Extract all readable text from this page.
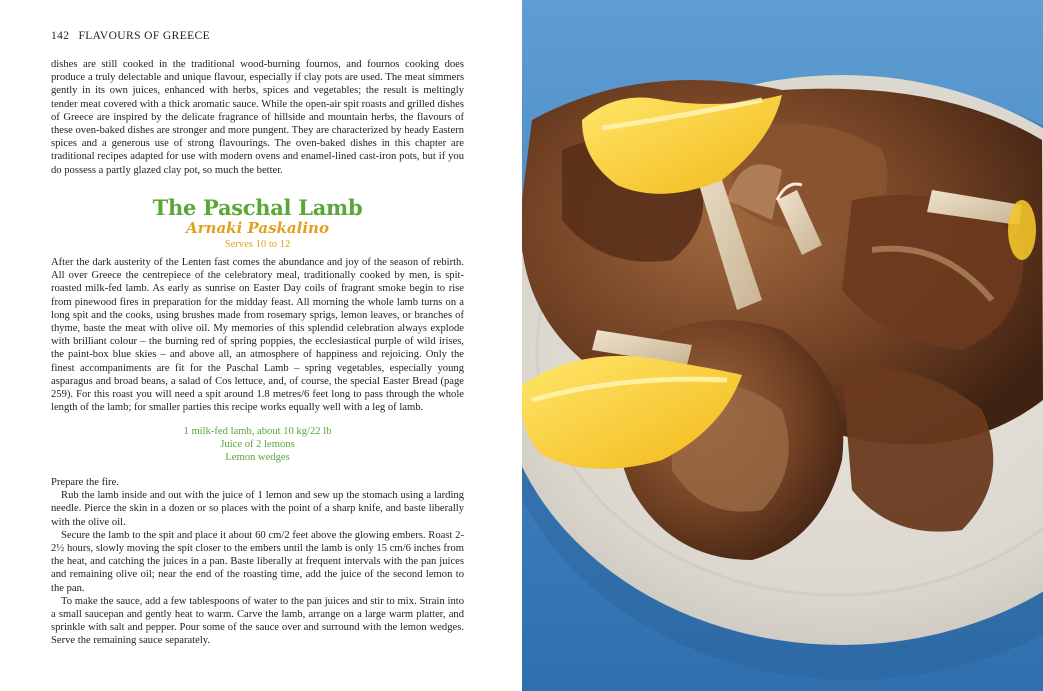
142 FLAVOURS OF GREECE

dishes are still cooked in the traditional wood-burning fournos, and fournos cooking does produce a truly delectable and unique flavour, especially if clay pots are used. The meat simmers gently in its own juices, enhanced with herbs, spices and vegetables; the result is meltingly tender meat covered with a thick aromatic sauce. While the open-air spit roasts and grilled dishes of Greece are inspired by the delicate fragrance of hillside and mountain herbs, the flavours of these oven-baked dishes are stronger and more pungent. They are characterized by heady Eastern spices and a generous use of strong flavourings. The oven-baked dishes in this chapter are traditional recipes adapted for use with modern ovens and enamel-lined cast-iron pots, but if you do possess a partly glazed clay pot, so much the better.

The Paschal Lamb
Arnaki Paskalino
Serves 10 to 12

After the dark austerity of the Lenten fast comes the abundance and joy of the season of rebirth. All over Greece the centrepiece of the celebratory meal, traditionally cooked by men, is spit-roasted milk-fed lamb. As early as sunrise on Easter Day coils of fragrant smoke begin to rise from pinewood fires in preparation for the midday feast. All morning the whole lamb turns on a long spit and the cooks, using brushes made from rosemary sprigs, lemon leaves, or branches of thyme, baste the meat with olive oil. My memories of this splendid celebration always explode with brilliant colour – the burning red of spring poppies, the ecclesiastical purple of wild irises, the paint-box blue skies – and above all, an atmosphere of happiness and rejoicing. Only the finest accompaniments are fit for the Paschal Lamb – spring vegetables, especially young asparagus and broad beans, a salad of Cos lettuce, and, of course, the special Easter Bread (page 259). For this roast you will need a spit around 1.8 metres/6 feet long to pass through the whole length of the lamb; for smaller parties this recipe works equally well with a leg of lamb.

1 milk-fed lamb, about 10 kg/22 lb
Juice of 2 lemons
Lemon wedges

Prepare the fire.

Rub the lamb inside and out with the juice of 1 lemon and sew up the stomach using a larding needle. Pierce the skin in a dozen or so places with the point of a sharp knife, and baste liberally with the olive oil.

Secure the lamb to the spit and place it about 60 cm/2 feet above the glowing embers. Roast 2-2½ hours, slowly moving the spit closer to the embers until the lamb is only 15 cm/6 inches from the heat, and catching the juices in a pan. Baste liberally at frequent intervals with the pan juices and remaining olive oil; near the end of the roasting time, add the juice of the second lemon to the pan.

To make the sauce, add a few tablespoons of water to the pan juices and stir to mix. Strain into a small saucepan and gently heat to warm. Carve the lamb, arrange on a large warm platter, and sprinkle with salt and pepper. Pour some of the sauce over and surround with the lemon wedges. Serve the remaining sauce separately.
